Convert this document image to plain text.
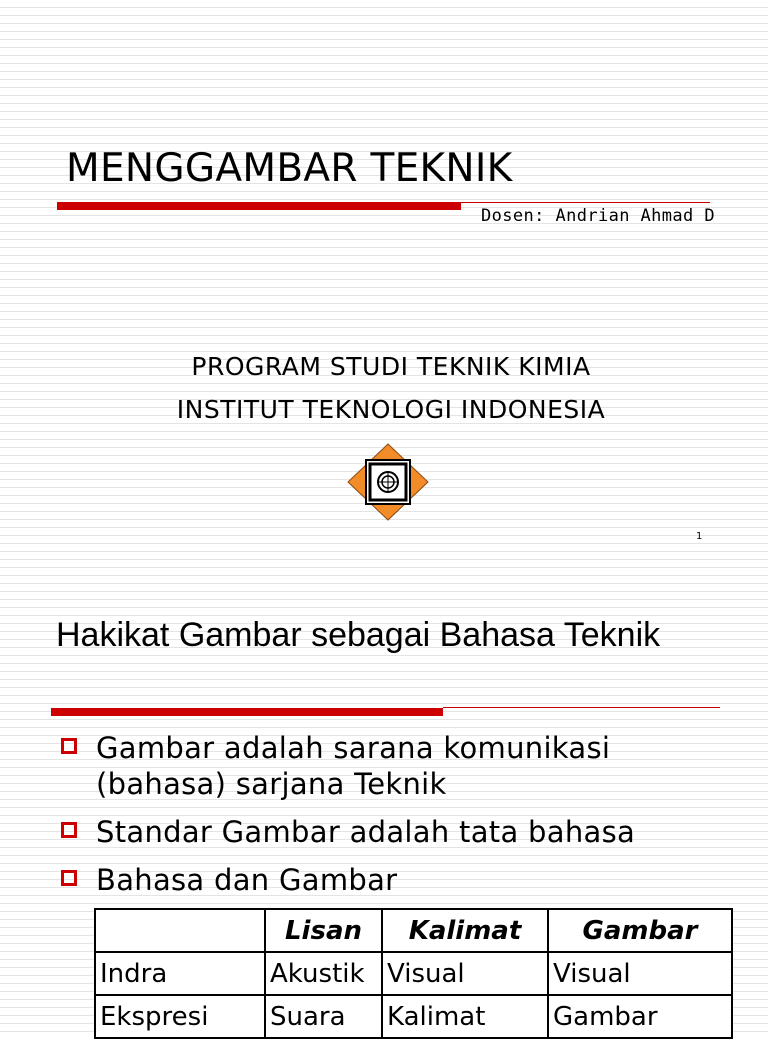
MENGGAMBAR TEKNIK
Dosen: Andrian Ahmad D
PROGRAM STUDI TEKNIK KIMIA
INSTITUT TEKNOLOGI INDONESIA
1
Hakikat Gambar sebagai Bahasa Teknik
Gambar adalah sarana komunikasi (bahasa) sarjana Teknik
Standar Gambar adalah tata bahasa
Bahasa dan Gambar
	Lisan	Kalimat	Gambar
Indra	Akustik	Visual	Visual
Ekspresi	Suara	Kalimat	Gambar
